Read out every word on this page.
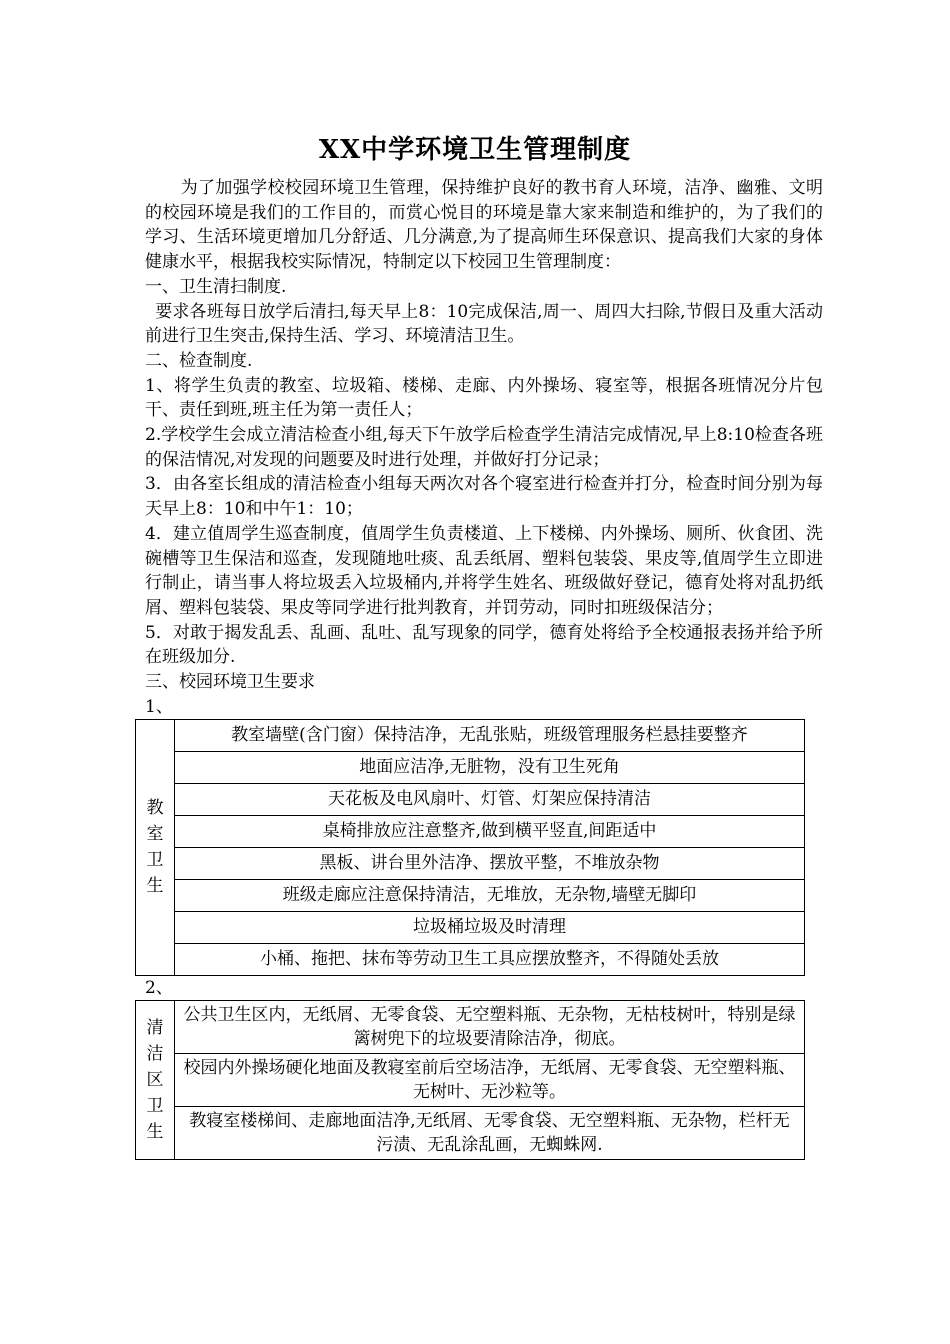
XX中学环境卫生管理制度

为了加强学校校园环境卫生管理，保持维护良好的教书育人环境，洁净、幽雅、文明的校园环境是我们的工作目的，而赏心悦目的环境是靠大家来制造和维护的，为了我们的学习、生活环境更增加几分舒适、几分满意,为了提高师生环保意识、提高我们大家的身体健康水平，根据我校实际情况，特制定以下校园卫生管理制度：

一、卫生清扫制度.

要求各班每日放学后清扫,每天早上8：10完成保洁,周一、周四大扫除,节假日及重大活动前进行卫生突击,保持生活、学习、环境清洁卫生。

二、检查制度.

1、将学生负责的教室、垃圾箱、楼梯、走廊、内外操场、寝室等，根据各班情况分片包干、责任到班,班主任为第一责任人；

2.学校学生会成立清洁检查小组,每天下午放学后检查学生清洁完成情况,早上8:10检查各班的保洁情况,对发现的问题要及时进行处理，并做好打分记录；

3．由各室长组成的清洁检查小组每天两次对各个寝室进行检查并打分，检查时间分别为每天早上8：10和中午1：10；

4．建立值周学生巡查制度，值周学生负责楼道、上下楼梯、内外操场、厕所、伙食团、洗碗槽等卫生保洁和巡查，发现随地吐痰、乱丢纸屑、塑料包装袋、果皮等,值周学生立即进行制止，请当事人将垃圾丢入垃圾桶内,并将学生姓名、班级做好登记，德育处将对乱扔纸屑、塑料包装袋、果皮等同学进行批判教育，并罚劳动，同时扣班级保洁分；

5．对敢于揭发乱丢、乱画、乱吐、乱写现象的同学，德育处将给予全校通报表扬并给予所在班级加分.

三、校园环境卫生要求

1、

教
室
卫
生
	教室墙壁(含门窗）保持洁净，无乱张贴，班级管理服务栏悬挂要整齐
地面应洁净,无脏物，没有卫生死角
天花板及电风扇叶、灯管、灯架应保持清洁
桌椅排放应注意整齐,做到横平竖直,间距适中
黑板、讲台里外洁净、摆放平整，不堆放杂物
班级走廊应注意保持清洁，无堆放，无杂物,墙壁无脚印
垃圾桶垃圾及时清理
小桶、拖把、抹布等劳动卫生工具应摆放整齐，不得随处丢放

2、

清
洁
区
卫
生
	公共卫生区内，无纸屑、无零食袋、无空塑料瓶、无杂物，无枯枝树叶，特别是绿篱树兜下的垃圾要清除洁净，彻底。
校园内外操场硬化地面及教寝室前后空场洁净，无纸屑、无零食袋、无空塑料瓶、无树叶、无沙粒等。
教寝室楼梯间、走廊地面洁净,无纸屑、无零食袋、无空塑料瓶、无杂物，栏杆无污渍、无乱涂乱画，无蜘蛛网.
